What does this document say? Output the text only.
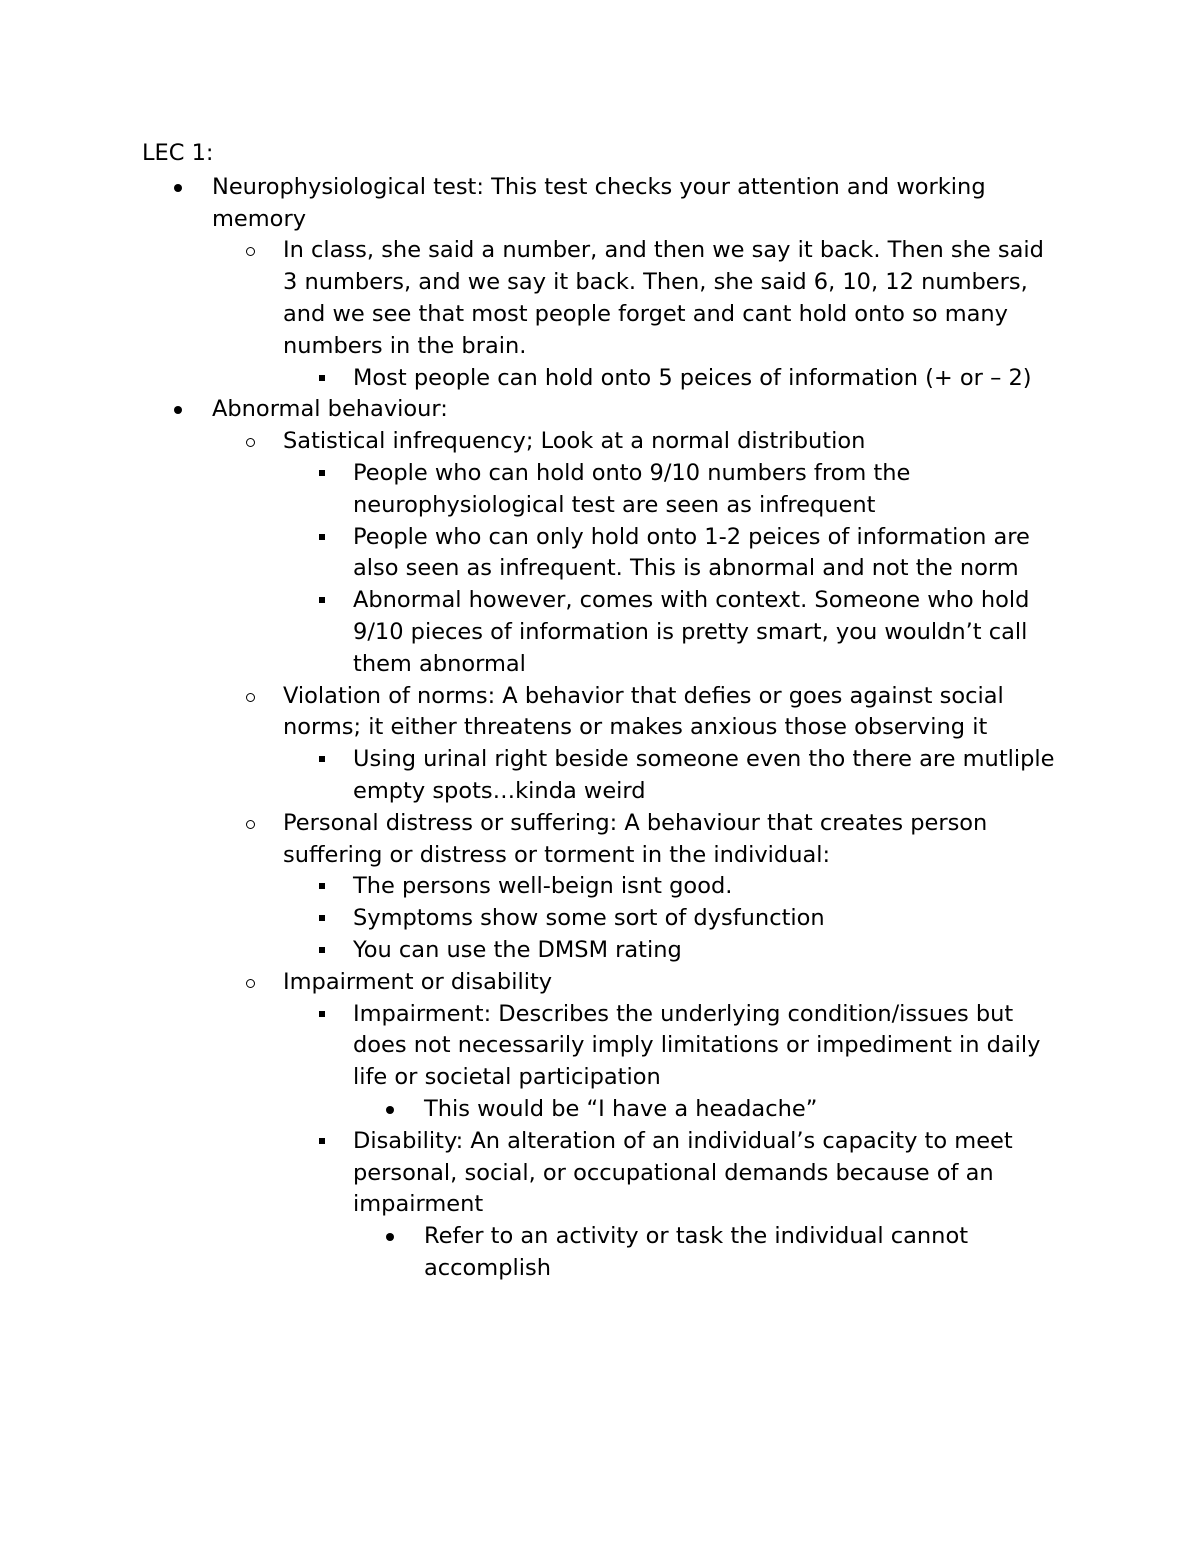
LEC 1:
Neurophysiological test: This test checks your attention and working memory
In class, she said a number, and then we say it back. Then she said 3 numbers, and we say it back. Then, she said 6, 10, 12 numbers, and we see that most people forget and cant hold onto so many numbers in the brain.
Most people can hold onto 5 peices of information (+ or – 2)
Abnormal behaviour:
Satistical infrequency; Look at a normal distribution
People who can hold onto 9/10 numbers from the neurophysiological test are seen as infrequent
People who can only hold onto 1-2 peices of information are also seen as infrequent. This is abnormal and not the norm
Abnormal however, comes with context. Someone who hold 9/10 pieces of information is pretty smart, you wouldn’t call them abnormal
Violation of norms: A behavior that defies or goes against social norms; it either threatens or makes anxious those observing it
Using urinal right beside someone even tho there are mutliple empty spots…kinda weird
Personal distress or suffering: A behaviour that creates person suffering or distress or torment in the individual:
The persons well-beign isnt good.
Symptoms show some sort of dysfunction
You can use the DMSM rating
Impairment or disability
Impairment: Describes the underlying condition/issues but does not necessarily imply limitations or impediment in daily life or societal participation
This would be “I have a headache”
Disability: An alteration of an individual’s capacity to meet personal, social, or occupational demands because of an impairment
Refer to an activity or task the individual cannot accomplish
